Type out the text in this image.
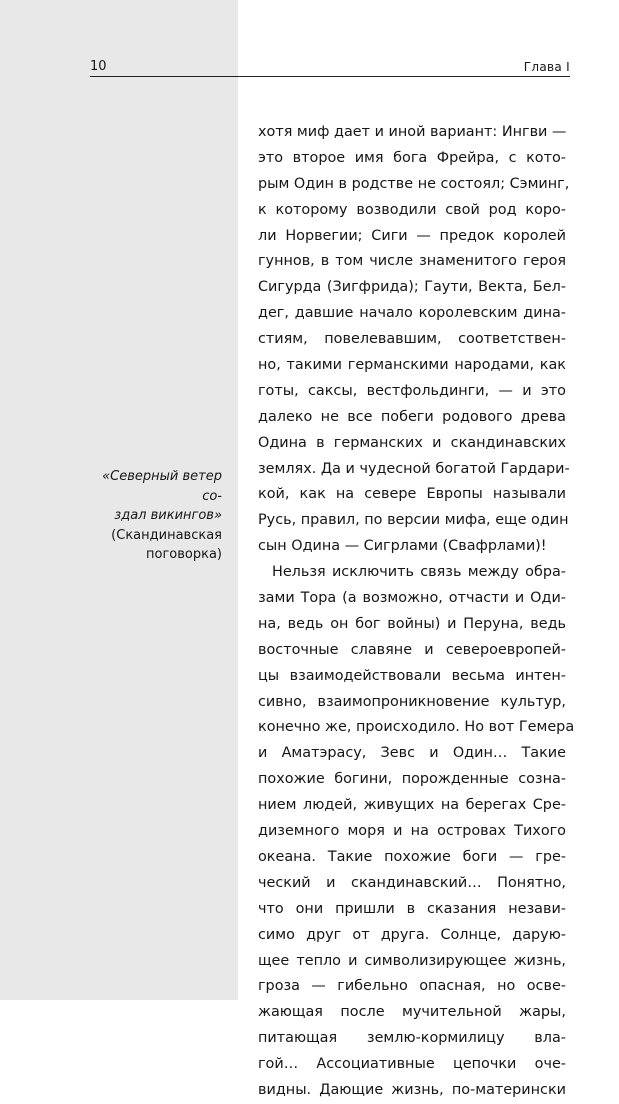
10	Глава I
«Северный ветер со-
здал викингов»
(Скандинавская
поговорка)
хотя миф дает и иной вариант: Ингви —
это второе имя бога Фрейра, с кото-
рым Один в родстве не состоял; Сэминг,
к которому возводили свой род коро-
ли Норвегии; Сиги — предок королей
гуннов, в том числе знаменитого героя
Сигурда (Зигфрида); Гаути, Векта, Бел-
дег, давшие начало королевским дина-
стиям, повелевавшим, соответствен-
но, такими германскими народами, как
готы, саксы, вестфольдинги, — и это
далеко не все побеги родового древа
Одина в германских и скандинавских
землях. Да и чудесной богатой Гардари-
кой, как на севере Европы называли
Русь, правил, по версии мифа, еще один
сын Одина — Сигрлами (Свафрлами)!
Нельзя исключить связь между обра-
зами Тора (а возможно, отчасти и Оди-
на, ведь он бог войны) и Перуна, ведь
восточные славяне и североевропей-
цы взаимодействовали весьма интен-
сивно, взаимопроникновение культур,
конечно же, происходило. Но вот Гемера
и Аматэрасу, Зевс и Один… Такие
похожие богини, порожденные созна-
нием людей, живущих на берегах Сре-
диземного моря и на островах Тихого
океана. Такие похожие боги — гре-
ческий и скандинавский… Понятно,
что они пришли в сказания незави-
симо друг от друга. Солнце, дарую-
щее тепло и символизирующее жизнь,
гроза — гибельно опасная, но осве-
жающая после мучительной жары,
питающая землю-кормилицу вла-
гой… Ассоциативные цепочки оче-
видны. Дающие жизнь, по-матерински
